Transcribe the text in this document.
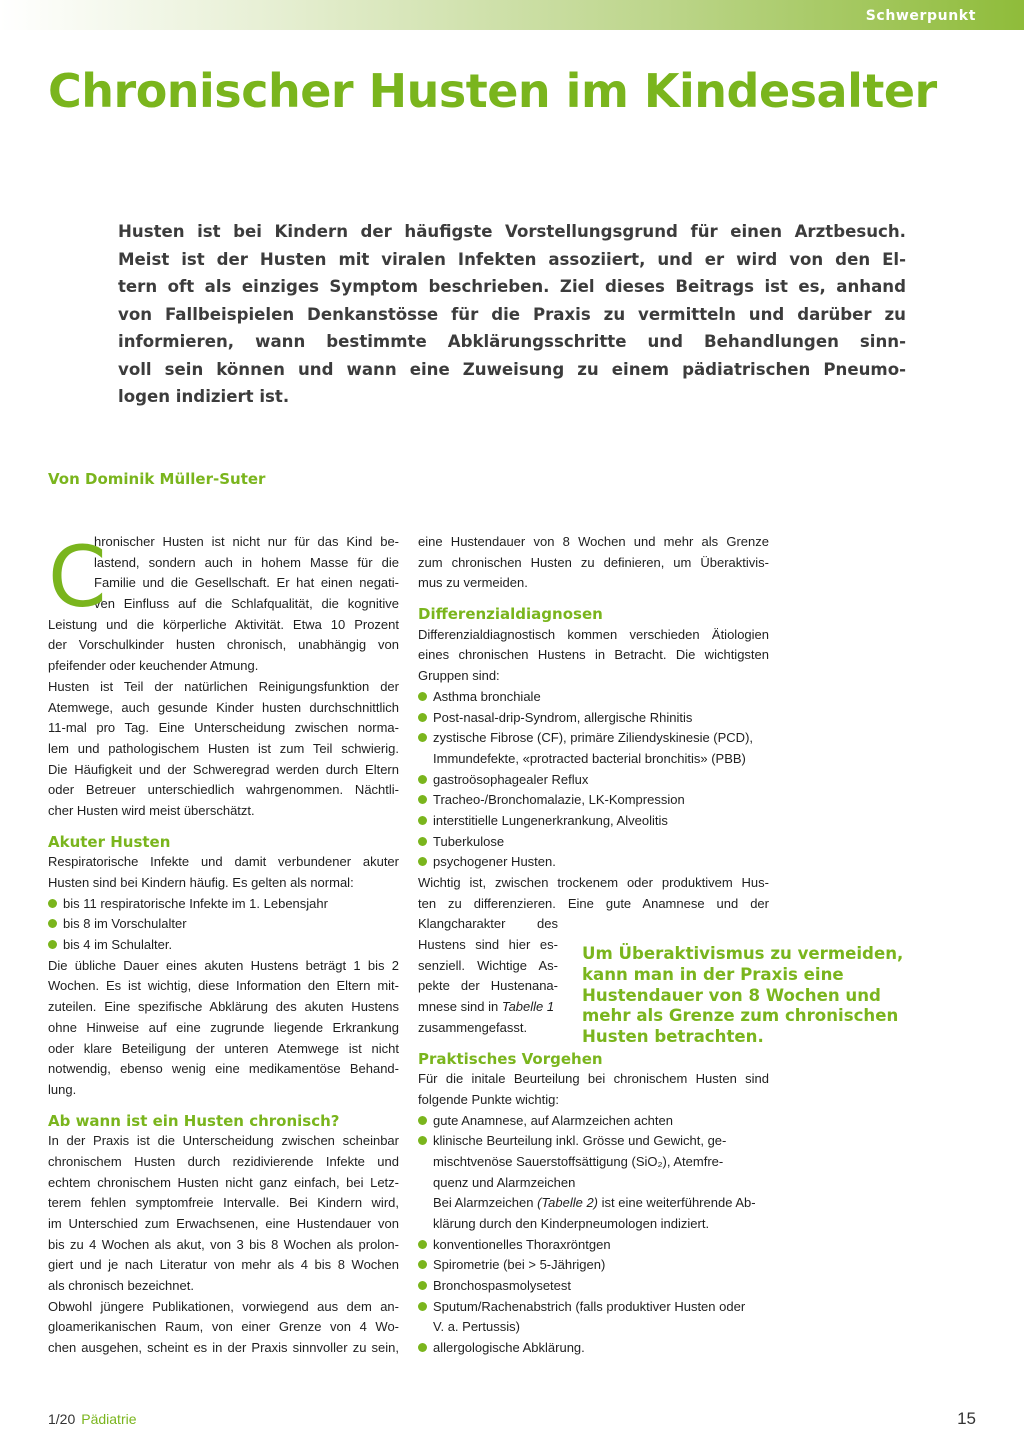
Schwerpunkt
Chronischer Husten im Kindesalter
Husten ist bei Kindern der häufigste Vorstellungsgrund für einen Arztbesuch.
Meist ist der Husten mit viralen Infekten assoziiert, und er wird von den El-
tern oft als einziges Symptom beschrieben. Ziel dieses Beitrags ist es, anhand
von Fallbeispielen Denkanstösse für die Praxis zu vermitteln und darüber zu
informieren, wann bestimmte Abklärungsschritte und Behandlungen sinn-
voll sein können und wann eine Zuweisung zu einem pädiatrischen Pneumo-
logen indiziert ist.
Von Dominik Müller-Suter
C
hronischer Husten ist nicht nur für das Kind be-
lastend, sondern auch in hohem Masse für die
Familie und die Gesellschaft. Er hat einen negati-
ven Einfluss auf die Schlafqualität, die kognitive
Leistung und die körperliche Aktivität. Etwa 10 Prozent
der Vorschulkinder husten chronisch, unabhängig von
pfeifender oder keuchender Atmung.
Husten ist Teil der natürlichen Reinigungsfunktion der
Atemwege, auch gesunde Kinder husten durchschnittlich
11-mal pro Tag. Eine Unterscheidung zwischen norma-
lem und pathologischem Husten ist zum Teil schwierig.
Die Häufigkeit und der Schweregrad werden durch Eltern
oder Betreuer unterschiedlich wahrgenommen. Nächtli-
cher Husten wird meist überschätzt.
Akuter Husten
Respiratorische Infekte und damit verbundener akuter
Husten sind bei Kindern häufig. Es gelten als normal:
bis 11 respiratorische Infekte im 1. Lebensjahr
bis 8 im Vorschulalter
bis 4 im Schulalter.
Die übliche Dauer eines akuten Hustens beträgt 1 bis 2
Wochen. Es ist wichtig, diese Information den Eltern mit-
zuteilen. Eine spezifische Abklärung des akuten Hustens
ohne Hinweise auf eine zugrunde liegende Erkrankung
oder klare Beteiligung der unteren Atemwege ist nicht
notwendig, ebenso wenig eine medikamentöse Behand-
lung.
Ab wann ist ein Husten chronisch?
In der Praxis ist die Unterscheidung zwischen scheinbar
chronischem Husten durch rezidivierende Infekte und
echtem chronischem Husten nicht ganz einfach, bei Letz-
terem fehlen symptomfreie Intervalle. Bei Kindern wird,
im Unterschied zum Erwachsenen, eine Hustendauer von
bis zu 4 Wochen als akut, von 3 bis 8 Wochen als prolon-
giert und je nach Literatur von mehr als 4 bis 8 Wochen
als chronisch bezeichnet.
Obwohl jüngere Publikationen, vorwiegend aus dem an-
gloamerikanischen Raum, von einer Grenze von 4 Wo-
chen ausgehen, scheint es in der Praxis sinnvoller zu sein,
eine Hustendauer von 8 Wochen und mehr als Grenze
zum chronischen Husten zu definieren, um Überaktivis-
mus zu vermeiden.
Differenzialdiagnosen
Differenzialdiagnostisch kommen verschieden Ätiologien
eines chronischen Hustens in Betracht. Die wichtigsten
Gruppen sind:
Asthma bronchiale
Post-nasal-drip-Syndrom, allergische Rhinitis
zystische Fibrose (CF), primäre Ziliendyskinesie (PCD),
Immundefekte, «protracted bacterial bronchitis» (PBB)
gastroösophagealer Reflux
Tracheo-/Bronchomalazie, LK-Kompression
interstitielle Lungenerkrankung, Alveolitis
Tuberkulose
psychogener Husten.
Wichtig ist, zwischen trockenem oder produktivem Hus-
ten zu differenzieren. Eine gute Anamnese und der
Klangcharakter des
Hustens sind hier es-
senziell. Wichtige As-
pekte der Hustenana-
mnese sind in Tabelle 1
zusammengefasst.
Praktisches Vorgehen
Für die initale Beurteilung bei chronischem Husten sind
folgende Punkte wichtig:
gute Anamnese, auf Alarmzeichen achten
klinische Beurteilung inkl. Grösse und Gewicht, ge-
mischtvenöse Sauerstoffsättigung (SiO₂), Atemfre-
quenz und Alarmzeichen
Bei Alarmzeichen (Tabelle 2) ist eine weiterführende Ab-
klärung durch den Kinderpneumologen indiziert.
konventionelles Thoraxröntgen
Spirometrie (bei > 5-Jährigen)
Bronchospasmolysetest
Sputum/Rachenabstrich (falls produktiver Husten oder
V. a. Pertussis)
allergologische Abklärung.
Um Überaktivismus zu vermeiden,
kann man in der Praxis eine
Hustendauer von 8 Wochen und
mehr als Grenze zum chronischen
Husten betrachten.
1/20 Pädiatrie	15
